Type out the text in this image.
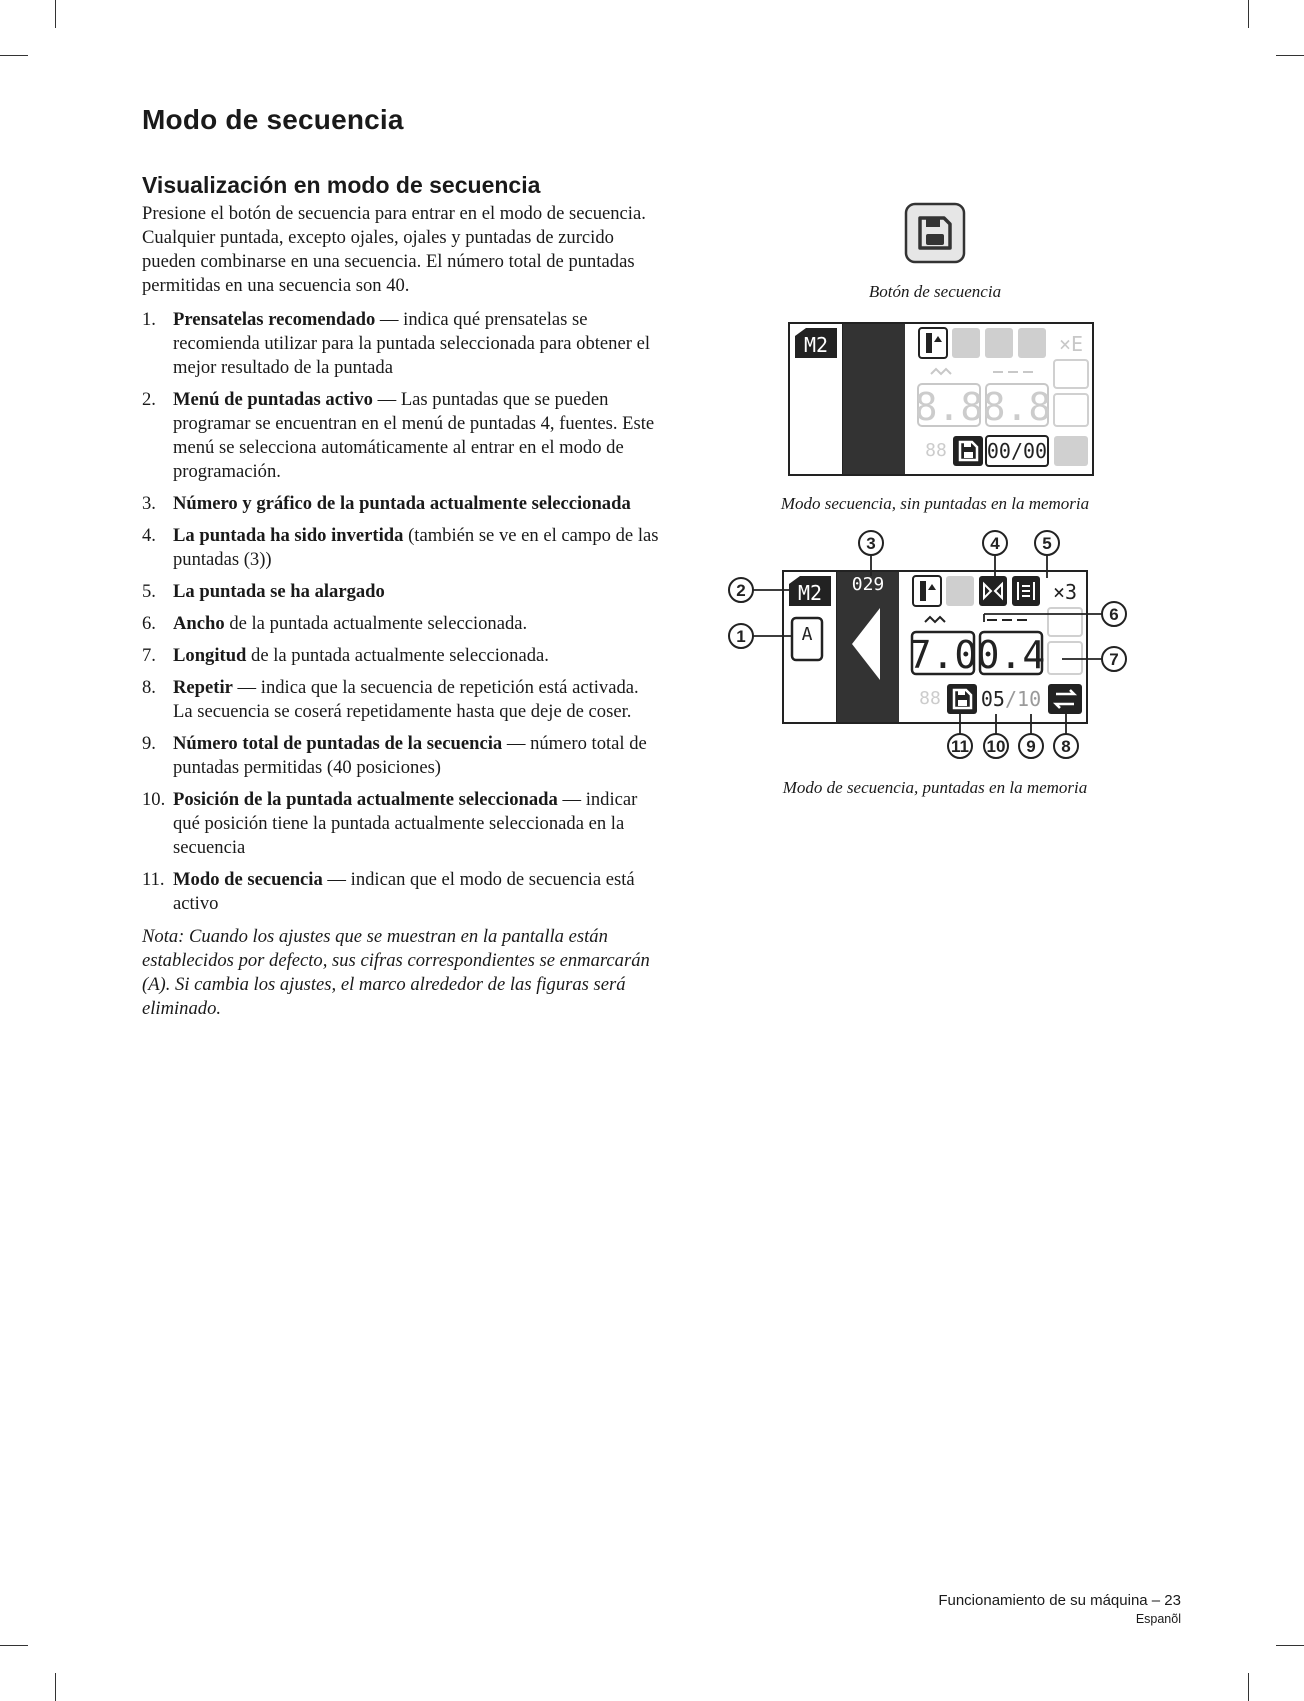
Modo de secuencia
Visualización en modo de secuencia

Presione el botón de secuencia para entrar en el modo de secuencia. Cualquier puntada, excepto ojales, ojales y puntadas de zurcido pueden combinarse en una secuencia. El número total de puntadas permitidas en una secuencia son 40.

1. Prensatelas recomendado — indica qué prensatelas se recomienda utilizar para la puntada seleccionada para obtener el mejor resultado de la puntada
2. Menú de puntadas activo — Las puntadas que se pueden programar se encuentran en el menú de puntadas 4, fuentes. Este menú se selecciona automáticamente al entrar en el modo de programación.
3. Número y gráfico de la puntada actualmente seleccionada
4. La puntada ha sido invertida (también se ve en el campo de las puntadas (3))
5. La puntada se ha alargado
6. Ancho de la puntada actualmente seleccionada.
7. Longitud de la puntada actualmente seleccionada.
8. Repetir — indica que la secuencia de repetición está activada. La secuencia se coserá repetidamente hasta que deje de coser.
9. Número total de puntadas de la secuencia — número total de puntadas permitidas (40 posiciones)
10. Posición de la puntada actualmente seleccionada — indicar qué posición tiene la puntada actualmente seleccionada en la secuencia
11. Modo de secuencia — indican que el modo de secuencia está activo

Nota: Cuando los ajustes que se muestran en la pantalla están establecidos por defecto, sus cifras correspondientes se enmarcarán (A). Si cambia los ajustes, el marco alrededor de las figuras será eliminado.

Botón de secuencia
M2	×E
8.8 8.8
88 00/00
Modo secuencia, sin puntadas en la memoria
M2
A
029	×3
7.0 0.4
88 05/10
1
2
3	4	5
6
7
8
9
10
11
Modo de secuencia, puntadas en la memoria
Funcionamiento de su máquina – 23
Espanõl
